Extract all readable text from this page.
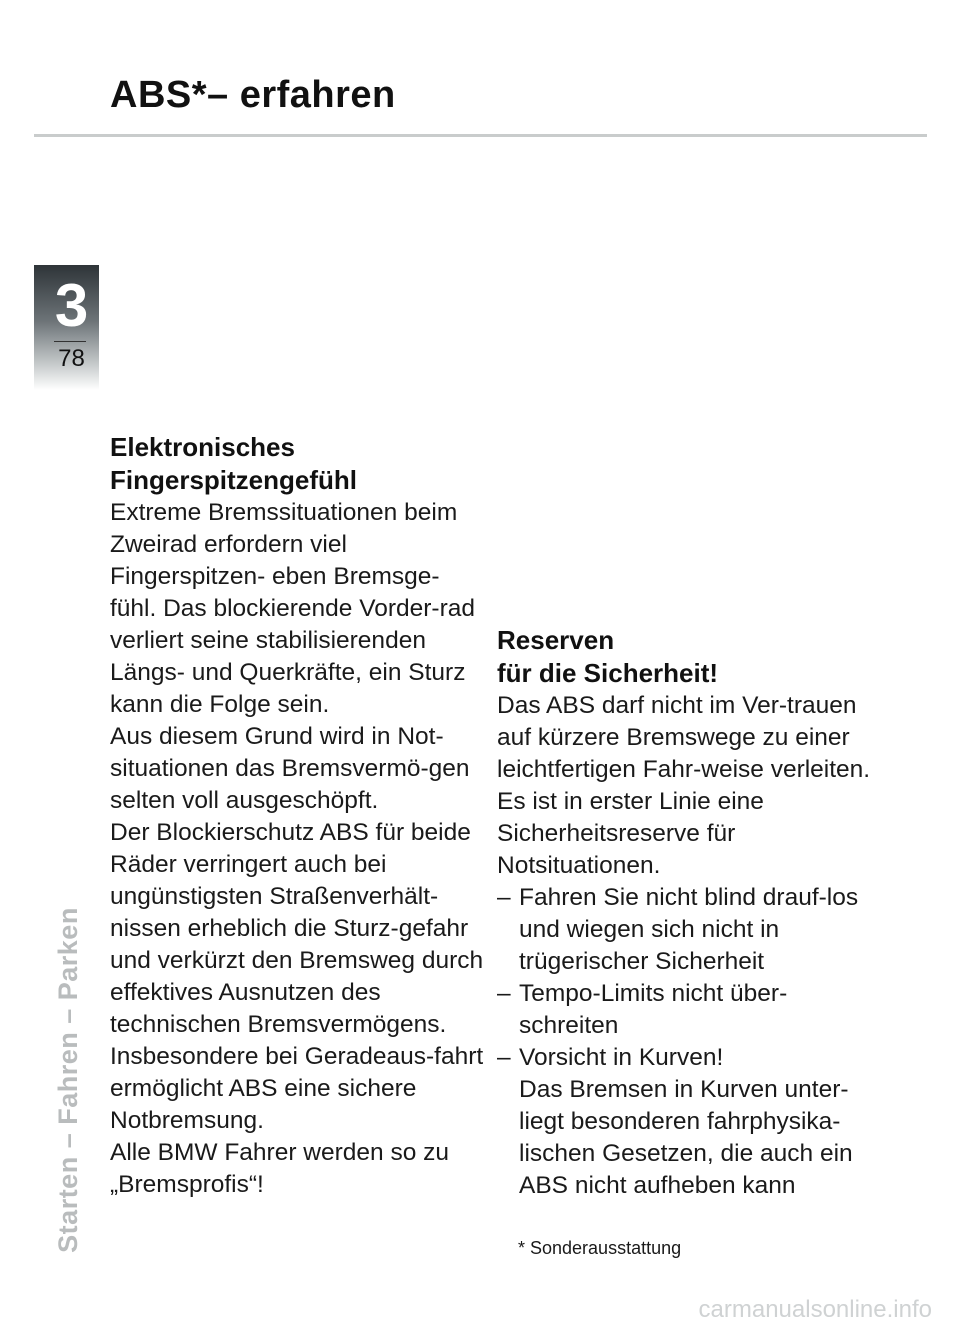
ABS*– erfahren
3
78
Starten – Fahren – Parken
Elektronisches
Fingerspitzengefühl

Extreme Bremssituationen beim Zweirad erfordern viel Fingerspitzen- eben Bremsge-fühl. Das blockierende Vorder-rad verliert seine stabilisierenden Längs- und Querkräfte, ein Sturz kann die Folge sein.

Aus diesem Grund wird in Not-situationen das Bremsvermö-gen selten voll ausgeschöpft.

Der Blockierschutz ABS für beide Räder verringert auch bei ungünstigsten Straßenverhält-nissen erheblich die Sturz-gefahr und verkürzt den Bremsweg durch effektives Ausnutzen des technischen Bremsvermögens.

Insbesondere bei Geradeaus-fahrt ermöglicht ABS eine sichere Notbremsung.

Alle BMW Fahrer werden so zu „Bremsprofis“!

Reserven
für die Sicherheit!

Das ABS darf nicht im Ver-trauen auf kürzere Bremswege zu einer leichtfertigen Fahr-weise verleiten. Es ist in erster Linie eine Sicherheitsreserve für Notsituationen.

– Fahren Sie nicht blind drauf-los und wiegen sich nicht in trügerischer Sicherheit
– Tempo-Limits nicht über-schreiten
– Vorsicht in Kurven!

Das Bremsen in Kurven unter-liegt besonderen fahrphysika-lischen Gesetzen, die auch ein ABS nicht aufheben kann

* Sonderausstattung
carmanualsonline.info
